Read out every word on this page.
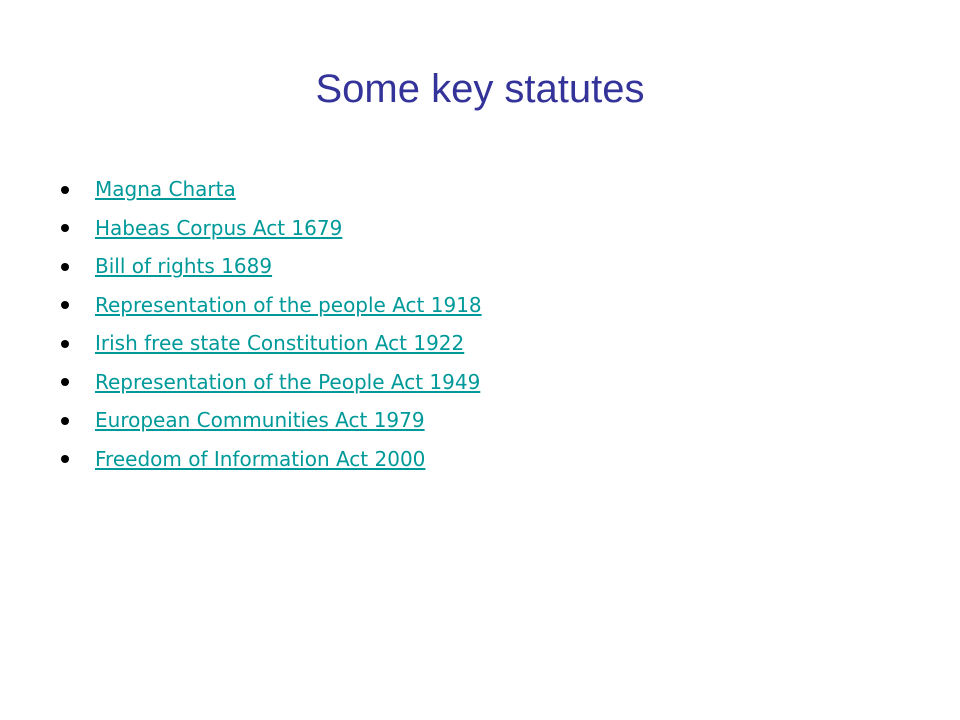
Some key statutes
Magna Charta
Habeas Corpus Act 1679
Bill of rights 1689
Representation of the people Act 1918
Irish free state Constitution Act 1922
Representation of the People Act 1949
European Communities Act 1979
Freedom of Information Act 2000
